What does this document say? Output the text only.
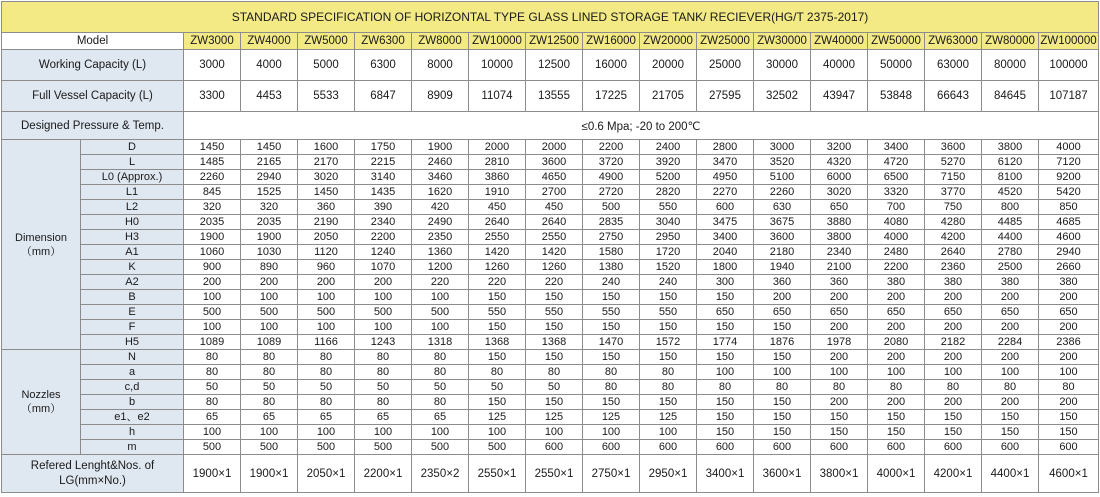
STANDARD SPECIFICATION OF HORIZONTAL TYPE GLASS LINED STORAGE TANK/ RECIEVER(HG/T 2375-2017)																	
Model		ZW3000	ZW4000	ZW5000	ZW6300	ZW8000	ZW10000	ZW12500	ZW16000	ZW20000	ZW25000	ZW30000	ZW40000	ZW50000	ZW63000	ZW80000	ZW100000
Working Capacity (L)		3000	4000	5000	6300	8000	10000	12500	16000	20000	25000	30000	40000	50000	63000	80000	100000
Full Vessel Capacity (L)		3300	4453	5533	6847	8909	11074	13555	17225	21705	27595	32502	43947	53848	66643	84645	107187
Designed Pressure & Temp.		≤0.6 Mpa; -20 to 200℃															

Dimension
（mm）	D	1450	1450	1600	1750	1900	2000	2000	2200	2400	2800	3000	3200	3400	3600	3800	4000
	L	1485	2165	2170	2215	2460	2810	3600	3720	3920	3470	3520	4320	4720	5270	6120	7120
	L0 (Approx.)	2260	2940	3020	3140	3460	3860	4650	4900	5200	4950	5100	6000	6500	7150	8100	9200
	L1	845	1525	1450	1435	1620	1910	2700	2720	2820	2270	2260	3020	3320	3770	4520	5420
	L2	320	320	360	390	420	450	450	500	550	600	630	650	700	750	800	850
	H0	2035	2035	2190	2340	2490	2640	2640	2835	3040	3475	3675	3880	4080	4280	4485	4685
	H3	1900	1900	2050	2200	2350	2550	2550	2750	2950	3400	3600	3800	4000	4200	4400	4600
	A1	1060	1030	1120	1240	1360	1420	1420	1580	1720	2040	2180	2340	2480	2640	2780	2940
	K	900	890	960	1070	1200	1260	1260	1380	1520	1800	1940	2100	2200	2360	2500	2660
	A2	200	200	200	200	220	220	220	240	240	300	360	360	380	380	380	380
	B	100	100	100	100	100	150	150	150	150	150	200	200	200	200	200	200
	E	500	500	500	500	500	550	550	550	550	650	650	650	650	650	650	650
	F	100	100	100	100	100	150	150	150	150	150	150	200	200	200	200	200
	H5	1089	1089	1166	1243	1318	1368	1368	1470	1572	1774	1876	1978	2080	2182	2284	2386

Nozzles
（mm）	N	80	80	80	80	80	150	150	150	150	150	150	200	200	200	200	200
	a	80	80	80	80	80	80	80	80	80	100	100	100	100	100	100	100
	c,d	50	50	50	50	50	50	50	80	80	80	80	80	80	80	80	80
	b	80	80	80	80	80	150	150	150	150	150	150	200	200	200	200	200
	e1、e2	65	65	65	65	65	125	125	125	125	150	150	150	150	150	150	150
	h	100	100	100	100	100	100	100	100	100	150	150	150	150	150	150	150
	m	500	500	500	500	500	500	600	600	600	600	600	600	600	600	600	600

Refered Lenght&Nos. of
LG(mm×No.)		1900×1	1900×1	2050×1	2200×1	2350×2	2550×1	2550×1	2750×1	2950×1	3400×1	3600×1	3800×1	4000×1	4200×1	4400×1	4600×1
